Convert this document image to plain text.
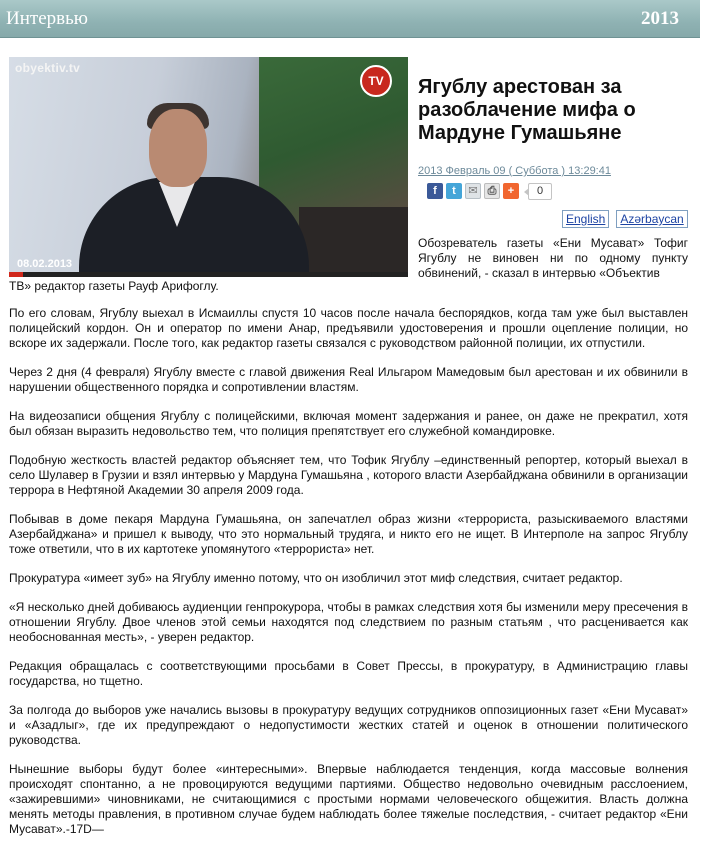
Интервью	2013
obyektiv.tv
TV
08.02.2013
Ягублу арестован за разоблачение мифа о Мардуне Гумашьяне
2013 Февраль 09 ( Суббота ) 13:29:41
f	t	✉ ⎙	+	0
English	Azərbaycan
Обозреватель газеты «Ени Мусават» Тофиг Ягублу не виновен ни по одному пункту обвинений, - сказал в интервью «Объектив
ТВ» редактор газеты Рауф Арифоглу.

По его словам, Ягублу выехал в Исмаиллы спустя 10 часов после начала беспорядков, когда там уже был выставлен полицейский кордон. Он и оператор по имени Анар, предъявили удостоверения и прошли оцепление полиции, но вскоре их задержали. После того, как редактор газеты связался с руководством районной полиции, их отпустили.

Через 2 дня (4 февраля) Ягублу вместе с главой движения Real Ильгаром Мамедовым был арестован и их обвинили в нарушении общественного порядка и сопротивлении властям.

На видеозаписи общения Ягублу с полицейскими, включая момент задержания и ранее, он даже не прекратил, хотя был обязан выразить недовольство тем, что полиция препятствует его служебной командировке.

Подобную жесткость властей редактор объясняет тем, что Тофик Ягублу –единственный репортер, который выехал в село Шулавер в Грузии и взял интервью у Мардуна Гумашьяна , которого власти Азербайджана обвинили в организации террора в Нефтяной Академии 30 апреля 2009 года.

Побывав в доме пекаря Мардуна Гумашьяна, он запечатлел образ жизни «террориста, разыскиваемого властями Азербайджана» и пришел к выводу, что это нормальный трудяга, и никто его не ищет. В Интерполе на запрос Ягублу тоже ответили, что в их картотеке упомянутого «террориста» нет.

Прокуратура «имеет зуб» на Ягублу именно потому, что он изобличил этот миф следствия, считает редактор.

«Я несколько дней добиваюсь аудиенции генпрокурора, чтобы в рамках следствия хотя бы изменили меру пресечения в отношении Ягублу. Двое членов этой семьи находятся под следствием по разным статьям , что расценивается как необоснованная месть», - уверен редактор.

Редакция обращалась с соответствующими просьбами в Совет Прессы, в прокуратуру, в Администрацию главы государства, но тщетно.

За полгода до выборов уже начались вызовы в прокуратуру ведущих сотрудников оппозиционных газет «Ени Мусават» и «Азадлыг», где их предупреждают о недопустимости жестких статей и оценок в отношении политического руководства.

Нынешние выборы будут более «интересными». Впервые наблюдается тенденция, когда массовые волнения происходят спонтанно, а не провоцируются ведущими партиями. Общество недовольно очевидным расслоением, «зажиревшими» чиновниками, не считающимися с простыми нормами человеческого общежития. Власть должна менять методы правления, в противном случае будем наблюдать более тяжелые последствия, - считает редактор «Ени Мусават».-17D—
